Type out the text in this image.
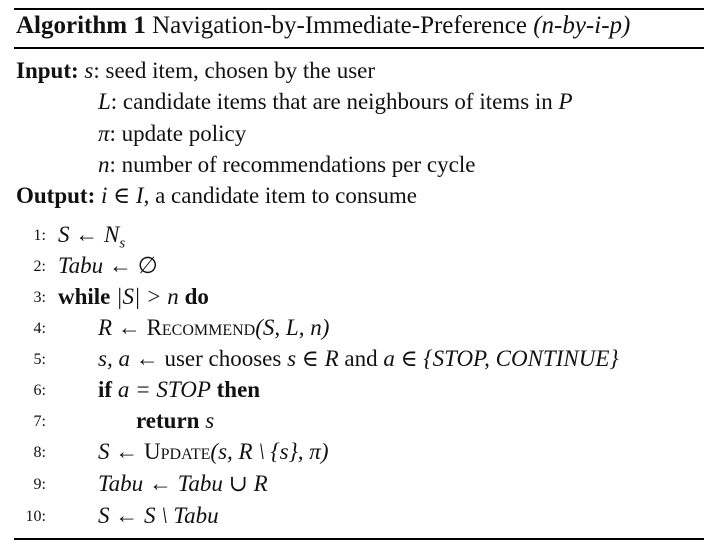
Algorithm 1 Navigation-by-Immediate-Preference (n-by-i-p)
Input: s: seed item, chosen by the user
L: candidate items that are neighbours of items in P
π: update policy
n: number of recommendations per cycle
Output: i ∈ I, a candidate item to consume
1: S ← $N_s$
2: Tabu ← ∅
3: while |S| > n do
4: R ← Recommend(S, L, n)
5: s, a ← user chooses s ∈ R and a ∈ {STOP, CONTINUE}
6: if a = STOP then
7:	return s
8: S ← Update(s, R \ {s}, π)
9: Tabu ← Tabu ∪ R
10: S ← S \ Tabu
